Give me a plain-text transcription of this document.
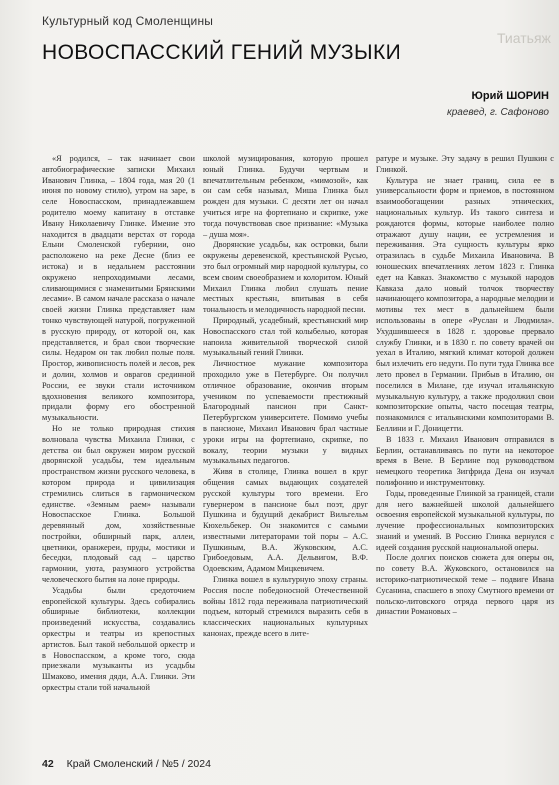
Культурный код Смоленщины
Тиатьяж
НОВОСПАССКИЙ ГЕНИЙ МУЗЫКИ
Юрий ШОРИН
краевед, г. Сафоново

«Я родился, – так начинает свои автобиографические записки Михаил Иванович Глинка, – 1804 года, мая 20 (1 июня по новому стилю), утром на заре, в селе Новоспасском, принадлежавшем родителю моему капитану в отставке Ивану Николаевичу Глинке. Имение это находится в двадцати верстах от города Ельни Смоленской губернии, оно расположено на реке Десне (близ ее истока) и в недальнем расстоянии окружено непроходимыми лесами, сливающимися с знаменитыми Брянскими лесами». В самом начале рассказа о начале своей жизни Глинка представляет нам тонко чувствующей натурой, погруженной в русскую природу, от которой он, как представляется, и брал свои творческие силы. Недаром он так любил полые поля. Простор, живописность полей и лесов, рек и долин, холмов и оврагов срединной России, ее звуки стали источником вдохновения великого композитора, придали форму его обостренной музыкальности.

Но не только природная стихия волновала чувства Михаила Глинки, с детства он был окружен миром русской дворянской усадьбы, тем идеальным пространством жизни русского человека, в котором природа и цивилизация стремились слиться в гармоническом единстве. «Земным раем» называли Новоспасское Глинка. Большой деревянный дом, хозяйственные постройки, обширный парк, аллеи, цветники, оранжереи, пруды, мостики и беседки, плодовый сад – царство гармонии, уюта, разумного устройства человеческого бытия на лоне природы.

Усадьбы были средоточием европейской культуры. Здесь собирались обширные библиотеки, коллекции произведений искусства, создавались оркестры и театры из крепостных артистов. Был такой небольшой оркестр и в Новоспасском, а кроме того, сюда приезжали музыканты из усадьбы Шмаково, имения дяди, А.А. Глинки. Эти оркестры стали той начальной

школой музицирования, которую прошел юный Глинка. Будучи чертвым и впечатлительным ребенком, «мимозой», как он сам себя называл, Миша Глинка был рожден для музыки. С десяти лет он начал учиться игре на фортепиано и скрипке, уже тогда почувствовав свое призвание: «Музыка – душа моя».

Дворянские усадьбы, как островки, были окружены деревенской, крестьянской Русью, это был огромный мир народной культуры, со всем своим своеобразием и колоритом. Юный Михаил Глинка любил слушать пение местных крестьян, впитывая в себя тональность и мелодичность народной песни.

Природный, усадебный, крестьянский мир Новоспасского стал той колыбелью, которая напоила живительной творческой силой музыкальный гений Глинки.

Личностное мужание композитора проходило уже в Петербурге. Он получил отличное образование, окончив вторым учеником по успеваемости престижный Благородный пансион при Санкт-Петербургском университете. Помимо учебы в пансионе, Михаил Иванович брал частные уроки игры на фортепиано, скрипке, по вокалу, теории музыки у видных музыкальных педагогов.

Живя в столице, Глинка вошел в круг общения самых выдающих создателей русской культуры того времени. Его гувернером в пансионе был поэт, друг Пушкина и будущий декабрист Вильгельм Кюхельбекер. Он знакомится с самыми известными литераторами той поры – А.С. Пушкиным, В.А. Жуковским, А.С. Грибоедовым, А.А. Дельвигом, В.Ф. Одоевским, Адамом Мицкевичем.

Глинка вошел в культурную эпоху страны. Россия после победоносной Отечественной войны 1812 года переживала патриотический подъем, который стремился выразить себя в классических национальных культурных канонах, прежде всего в лите-

ратуре и музыке. Эту задачу в решил Пушкин с Глинкой.

Культура не знает границ, сила ее в универсальности форм и приемов, в постоянном взаимообогащении разных этнических, национальных культур. Из такого синтеза и рождаются формы, которые наиболее полно отражают душу нации, ее устремления и переживания. Эта сущность культуры ярко отразилась в судьбе Михаила Ивановича. В юношеских впечатлениях летом 1823 г. Глинка едет на Кавказ. Знакомство с музыкой народов Кавказа дало новый толчок творчеству начинающего композитора, а народные мелодии и мотивы тех мест в дальнейшем были использованы в опере «Руслан и Людмила». Ухудшившееся в 1828 г. здоровье прервало службу Глинки, и в 1830 г. по совету врачей он уехал в Италию, мягкий климат которой должен был излечить его недуги. По пути туда Глинка все лето провел в Германии. Прибыв в Италию, он поселился в Милане, где изучал итальянскую музыкальную культуру, а также продолжил свои композиторские опыты, часто посещая театры, познакомился с итальянскими композиторами В. Беллини и Г. Доницетти.

В 1833 г. Михаил Иванович отправился в Берлин, останавливаясь по пути на некоторое время в Вене. В Берлине под руководством немецкого теоретика Зигфрида Дена он изучал полифонию и инструментовку.

Годы, проведенные Глинкой за границей, стали для него важнейшей школой дальнейшего освоения европейской музыкальной культуры, по лучение профессиональных композиторских знаний и умений. В Россию Глинка вернулся с идеей создания русской национальной оперы.

После долгих поисков сюжета для оперы он, по совету В.А. Жуковского, остановился на историко-патриотической теме – подвиге Ивана Сусанина, спасшего в эпоху Смутного времени от польско-литовского отряда первого царя из династии Романовых –

42 Край Смоленский / №5 / 2024
